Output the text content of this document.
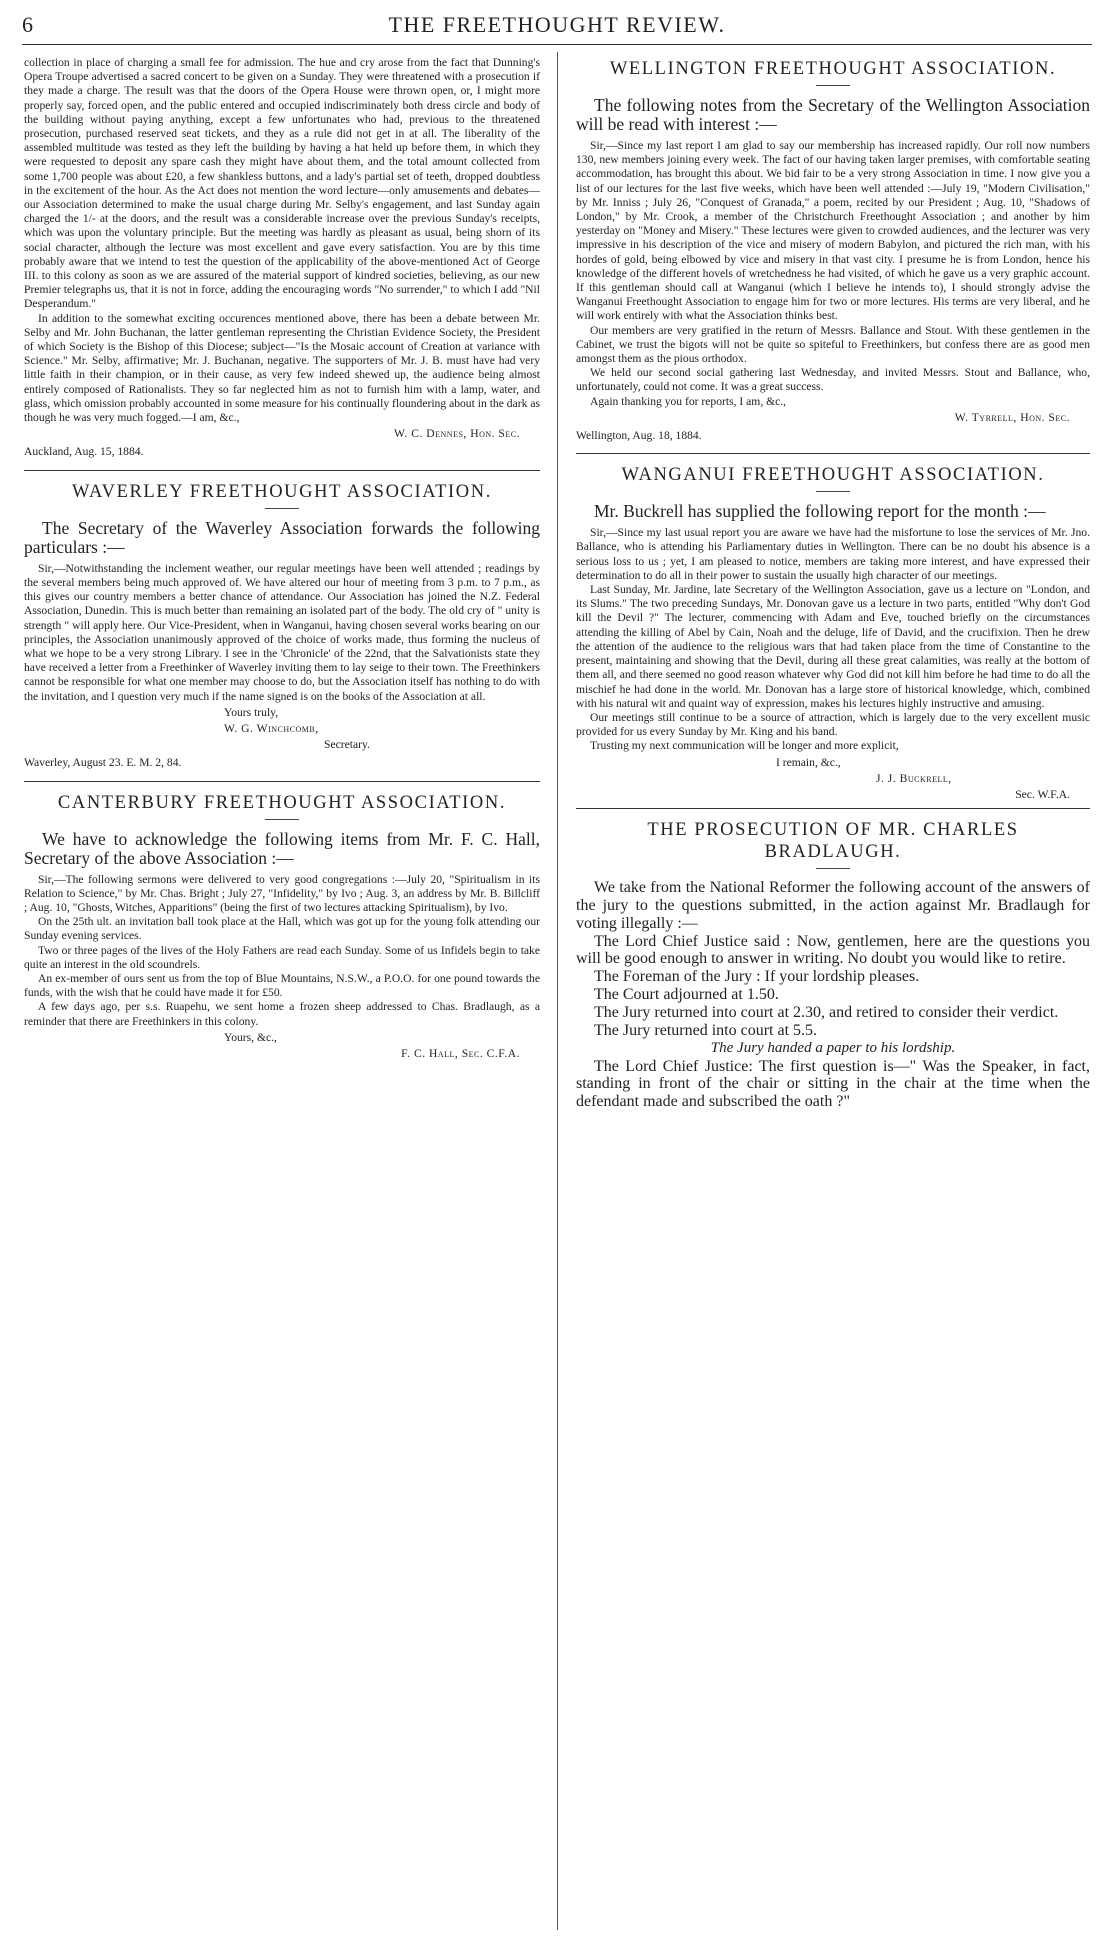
6	THE FREETHOUGHT REVIEW.

collection in place of charging a small fee for admission. The hue and cry arose from the fact that Dunning's Opera Troupe advertised a sacred concert to be given on a Sunday. They were threatened with a prosecution if they made a charge. The result was that the doors of the Opera House were thrown open, or, I might more properly say, forced open, and the public entered and occupied indiscriminately both dress circle and body of the building without paying anything, except a few unfortunates who had, previous to the threatened prosecution, purchased reserved seat tickets, and they as a rule did not get in at all. The liberality of the assembled multitude was tested as they left the building by having a hat held up before them, in which they were requested to deposit any spare cash they might have about them, and the total amount collected from some 1,700 people was about £20, a few shankless buttons, and a lady's partial set of teeth, dropped doubtless in the excitement of the hour. As the Act does not mention the word lecture—only amusements and debates—our Association determined to make the usual charge during Mr. Selby's engagement, and last Sunday again charged the 1/- at the doors, and the result was a considerable increase over the previous Sunday's receipts, which was upon the voluntary principle. But the meeting was hardly as pleasant as usual, being shorn of its social character, although the lecture was most excellent and gave every satisfaction. You are by this time probably aware that we intend to test the question of the applicability of the above-mentioned Act of George III. to this colony as soon as we are assured of the material support of kindred societies, believing, as our new Premier telegraphs us, that it is not in force, adding the encouraging words "No surrender," to which I add "Nil Desperandum."

In addition to the somewhat exciting occurences mentioned above, there has been a debate between Mr. Selby and Mr. John Buchanan, the latter gentleman representing the Christian Evidence Society, the President of which Society is the Bishop of this Diocese; subject—"Is the Mosaic account of Creation at variance with Science." Mr. Selby, affirmative; Mr. J. Buchanan, negative. The supporters of Mr. J. B. must have had very little faith in their champion, or in their cause, as very few indeed shewed up, the audience being almost entirely composed of Rationalists. They so far neglected him as not to furnish him with a lamp, water, and glass, which omission probably accounted in some measure for his continually floundering about in the dark as though he was very much fogged.—I am, &c.,

W. C. Dennes, Hon. Sec.
Auckland, Aug. 15, 1884.
WAVERLEY FREETHOUGHT ASSOCIATION.

The Secretary of the Waverley Association forwards the following particulars :—

Sir,—Notwithstanding the inclement weather, our regular meetings have been well attended ; readings by the several members being much approved of. We have altered our hour of meeting from 3 p.m. to 7 p.m., as this gives our country members a better chance of attendance. Our Association has joined the N.Z. Federal Association, Dunedin. This is much better than remaining an isolated part of the body. The old cry of " unity is strength " will apply here. Our Vice-President, when in Wanganui, having chosen several works bearing on our principles, the Association unanimously approved of the choice of works made, thus forming the nucleus of what we hope to be a very strong Library. I see in the 'Chronicle' of the 22nd, that the Salvationists state they have received a letter from a Freethinker of Waverley inviting them to lay seige to their town. The Freethinkers cannot be responsible for what one member may choose to do, but the Association itself has nothing to do with the invitation, and I question very much if the name signed is on the books of the Association at all.

Yours truly,
W. G. Winchcomb,
Secretary.
Waverley, August 23. E. M. 2, 84.
CANTERBURY FREETHOUGHT ASSOCIATION.

We have to acknowledge the following items from Mr. F. C. Hall, Secretary of the above Association :—

Sir,—The following sermons were delivered to very good congregations :—July 20, "Spiritualism in its Relation to Science," by Mr. Chas. Bright ; July 27, "Infidelity," by Ivo ; Aug. 3, an address by Mr. B. Billcliff ; Aug. 10, "Ghosts, Witches, Apparitions" (being the first of two lectures attacking Spiritualism), by Ivo.

On the 25th ult. an invitation ball took place at the Hall, which was got up for the young folk attending our Sunday evening services.

Two or three pages of the lives of the Holy Fathers are read each Sunday. Some of us Infidels begin to take quite an interest in the old scoundrels.

An ex-member of ours sent us from the top of Blue Mountains, N.S.W., a P.O.O. for one pound towards the funds, with the wish that he could have made it for £50.

A few days ago, per s.s. Ruapehu, we sent home a frozen sheep addressed to Chas. Bradlaugh, as a reminder that there are Freethinkers in this colony.

Yours, &c.,
F. C. Hall, Sec. C.F.A.
WELLINGTON FREETHOUGHT ASSOCIATION.

The following notes from the Secretary of the Wellington Association will be read with interest :—

Sir,—Since my last report I am glad to say our membership has increased rapidly. Our roll now numbers 130, new members joining every week. The fact of our having taken larger premises, with comfortable seating accommodation, has brought this about. We bid fair to be a very strong Association in time. I now give you a list of our lectures for the last five weeks, which have been well attended :—July 19, "Modern Civilisation," by Mr. Inniss ; July 26, "Conquest of Granada," a poem, recited by our President ; Aug. 10, "Shadows of London," by Mr. Crook, a member of the Christchurch Freethought Association ; and another by him yesterday on "Money and Misery." These lectures were given to crowded audiences, and the lecturer was very impressive in his description of the vice and misery of modern Babylon, and pictured the rich man, with his hordes of gold, being elbowed by vice and misery in that vast city. I presume he is from London, hence his knowledge of the different hovels of wretchedness he had visited, of which he gave us a very graphic account. If this gentleman should call at Wanganui (which I believe he intends to), I should strongly advise the Wanganui Freethought Association to engage him for two or more lectures. His terms are very liberal, and he will work entirely with what the Association thinks best.

Our members are very gratified in the return of Messrs. Ballance and Stout. With these gentlemen in the Cabinet, we trust the bigots will not be quite so spiteful to Freethinkers, but confess there are as good men amongst them as the pious orthodox.

We held our second social gathering last Wednesday, and invited Messrs. Stout and Ballance, who, unfortunately, could not come. It was a great success.

Again thanking you for reports, I am, &c.,

W. Tyrrell, Hon. Sec.
Wellington, Aug. 18, 1884.
WANGANUI FREETHOUGHT ASSOCIATION.

Mr. Buckrell has supplied the following report for the month :—

Sir,—Since my last usual report you are aware we have had the misfortune to lose the services of Mr. Jno. Ballance, who is attending his Parliamentary duties in Wellington. There can be no doubt his absence is a serious loss to us ; yet, I am pleased to notice, members are taking more interest, and have expressed their determination to do all in their power to sustain the usually high character of our meetings.

Last Sunday, Mr. Jardine, late Secretary of the Wellington Association, gave us a lecture on "London, and its Slums." The two preceding Sundays, Mr. Donovan gave us a lecture in two parts, entitled "Why don't God kill the Devil ?" The lecturer, commencing with Adam and Eve, touched briefly on the circumstances attending the killing of Abel by Cain, Noah and the deluge, life of David, and the crucifixion. Then he drew the attention of the audience to the religious wars that had taken place from the time of Constantine to the present, maintaining and showing that the Devil, during all these great calamities, was really at the bottom of them all, and there seemed no good reason whatever why God did not kill him before he had time to do all the mischief he had done in the world. Mr. Donovan has a large store of historical knowledge, which, combined with his natural wit and quaint way of expression, makes his lectures highly instructive and amusing.

Our meetings still continue to be a source of attraction, which is largely due to the very excellent music provided for us every Sunday by Mr. King and his band.

Trusting my next communication will be longer and more explicit,

I remain, &c.,
J. J. Buckrell,
Sec. W.F.A.
THE PROSECUTION OF MR. CHARLES BRADLAUGH.

We take from the National Reformer the following account of the answers of the jury to the questions submitted, in the action against Mr. Bradlaugh for voting illegally :—

The Lord Chief Justice said : Now, gentlemen, here are the questions you will be good enough to answer in writing. No doubt you would like to retire.

The Foreman of the Jury : If your lordship pleases.

The Court adjourned at 1.50.

The Jury returned into court at 2.30, and retired to consider their verdict.

The Jury returned into court at 5.5.

The Jury handed a paper to his lordship.

The Lord Chief Justice: The first question is—" Was the Speaker, in fact, standing in front of the chair or sitting in the chair at the time when the defendant made and subscribed the oath ?"
